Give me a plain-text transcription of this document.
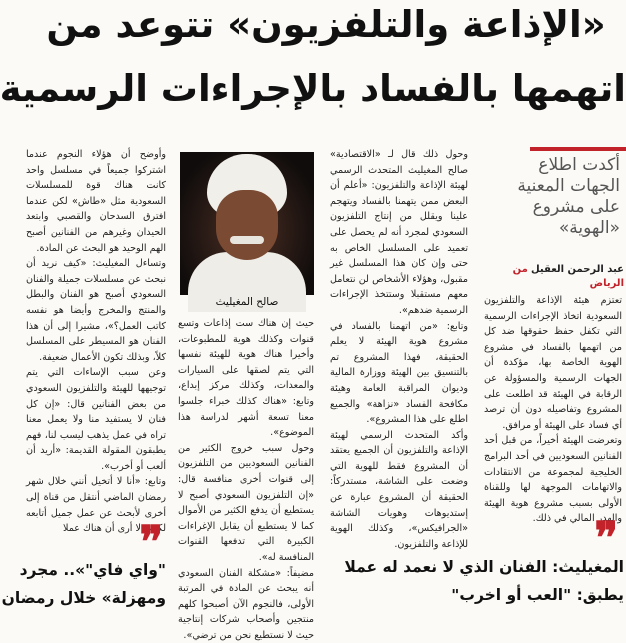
«الإذاعة والتلفزيون» تتوعد من
اتهمها بالفساد بالإجراءات الرسمية
أكدت اطلاع الجهات المعنية على مشروع «الهوية»
عبد الرحمن العقيل من الرياض

تعتزم هيئة الإذاعة والتلفزيون السعودية اتخاذ الإجراءات الرسمية التي تكفل حفظ حقوقها ضد كل من اتهمها بالفساد في مشروع الهوية الخاصة بها، مؤكدة أن الجهات الرسمية والمسؤولة عن الرقابة في الهيئة قد اطلعت على المشروع وتفاصيله دون أن ترصد أي فساد على الهيئة أو مرافق.

وتعرضت الهيئة أخيراً، من قبل أحد الفنانين السعوديين في أحد البرامج الخليجية لمجموعة من الانتقادات والاتهامات الموجهة لها وللقناة الأولى بسبب مشروع هوية الهيئة والهدر المالي في ذلك.

وحول ذلك قال لـ «الاقتصادية» صالح المغيليث المتحدث الرسمي لهيئة الإذاعة والتلفزيون: «أعلم أن البعض ممن يتهمنا بالفساد ويتهجم علينا ويقلل من إنتاج التلفزيون السعودي لمجرد أنه لم يحصل على تعميد على المسلسل الخاص به حتى وإن كان هذا المسلسل غير مقبول، وهؤلاء الأشخاص لن نتعامل معهم مستقبلا وستتخذ الإجراءات الرسمية ضدهم».

وتابع: «من اتهمنا بالفساد في مشروع هوية الهيئة لا يعلم الحقيقة، فهذا المشروع تم بالتنسيق بين الهيئة ووزارة المالية وديوان المراقبة العامة وهيئة مكافحة الفساد «نزاهة» والجميع اطلع على هذا المشروع».

وأكد المتحدث الرسمي لهيئة الإذاعة والتلفزيون أن الجميع يعتقد أن المشروع فقط للهوية التي وضعت على الشاشة، مستدركاً: الحقيقة أن المشروع عبارة عن إستديوهات وهويات الشاشة «الجرافيكس»، وكذلك الهوية للإذاعة والتلفزيون.

صالح المغيليث

حيث إن هناك ست إذاعات وتسع قنوات وكذلك هوية للمطبوعات، وأخيرا هناك هوية للهيئة نفسها التي يتم لصقها على السيارات والمعدات، وكذلك مركز إبداع، وتابع: «هناك كذلك خبراء جلسوا معنا تسعة أشهر لدراسة هذا الموضوع».

وحول سبب خروج الكثير من الفنانين السعوديين من التلفزيون إلى قنوات أخرى منافسة قال: «إن التلفزيون السعودي أصبح لا يستطيع أن يدفع الكثير من الأموال كما لا يستطيع أن يقابل الإغراءات الكبيرة التي تدفعها القنوات المنافسة له».

مضيفاً: «مشكلة الفنان السعودي أنه يبحث عن المادة في المرتبة الأولى، فالنجوم الآن أصبحوا كلهم منتجين وأصحاب شركات إنتاجية حيث لا نستطيع نحن من ترضي».

وأوضح أن هؤلاء النجوم عندما اشتركوا جميعاً في مسلسل واحد كانت هناك قوة للمسلسلات السعودية مثل «طاش» لكن عندما افترق السدحان والقصبي وابتعد الحيدان وغيرهم من الفنانين أصبح الهم الوحيد هو البحث عن المادة.

وتساءل المغيليث: «كيف نريد أن نبحث عن مسلسلات جميلة والفنان السعودي أصبح هو الفنان والبطل والمنتج والمخرج وأيضا هو نفسه كاتب العمل؟»، مشيرا إلى أن هذا الفنان هو المسيطر على المسلسل كلاً، وبذلك تكون الأعمال ضعيفة.

وعن سبب الإساءات التي يتم توجيهها للهيئة والتلفزيون السعودي من بعض الفنانين قال: «إن كل فنان لا يستفيد منا ولا يعمل معنا تراه في عمل يذهب ليسب لنا، فهم يطبقون المقولة القديمة: «أريد أن ألعب أو أخرب».

وتابع: «أنا لا أتخيل أنني خلال شهر رمضان الماضي أنتقل من قناة إلى أخرى لأبحث عن عمل جميل أتابعه لكنني لا أرى أن هناك عملا	❞
المغيليث: الفنان الذي لا نعمد له عملا
يطبق: "العب أو اخرب"
❞
"واي فاي"».. مجرد
ومهزلة» خلال رمضان
